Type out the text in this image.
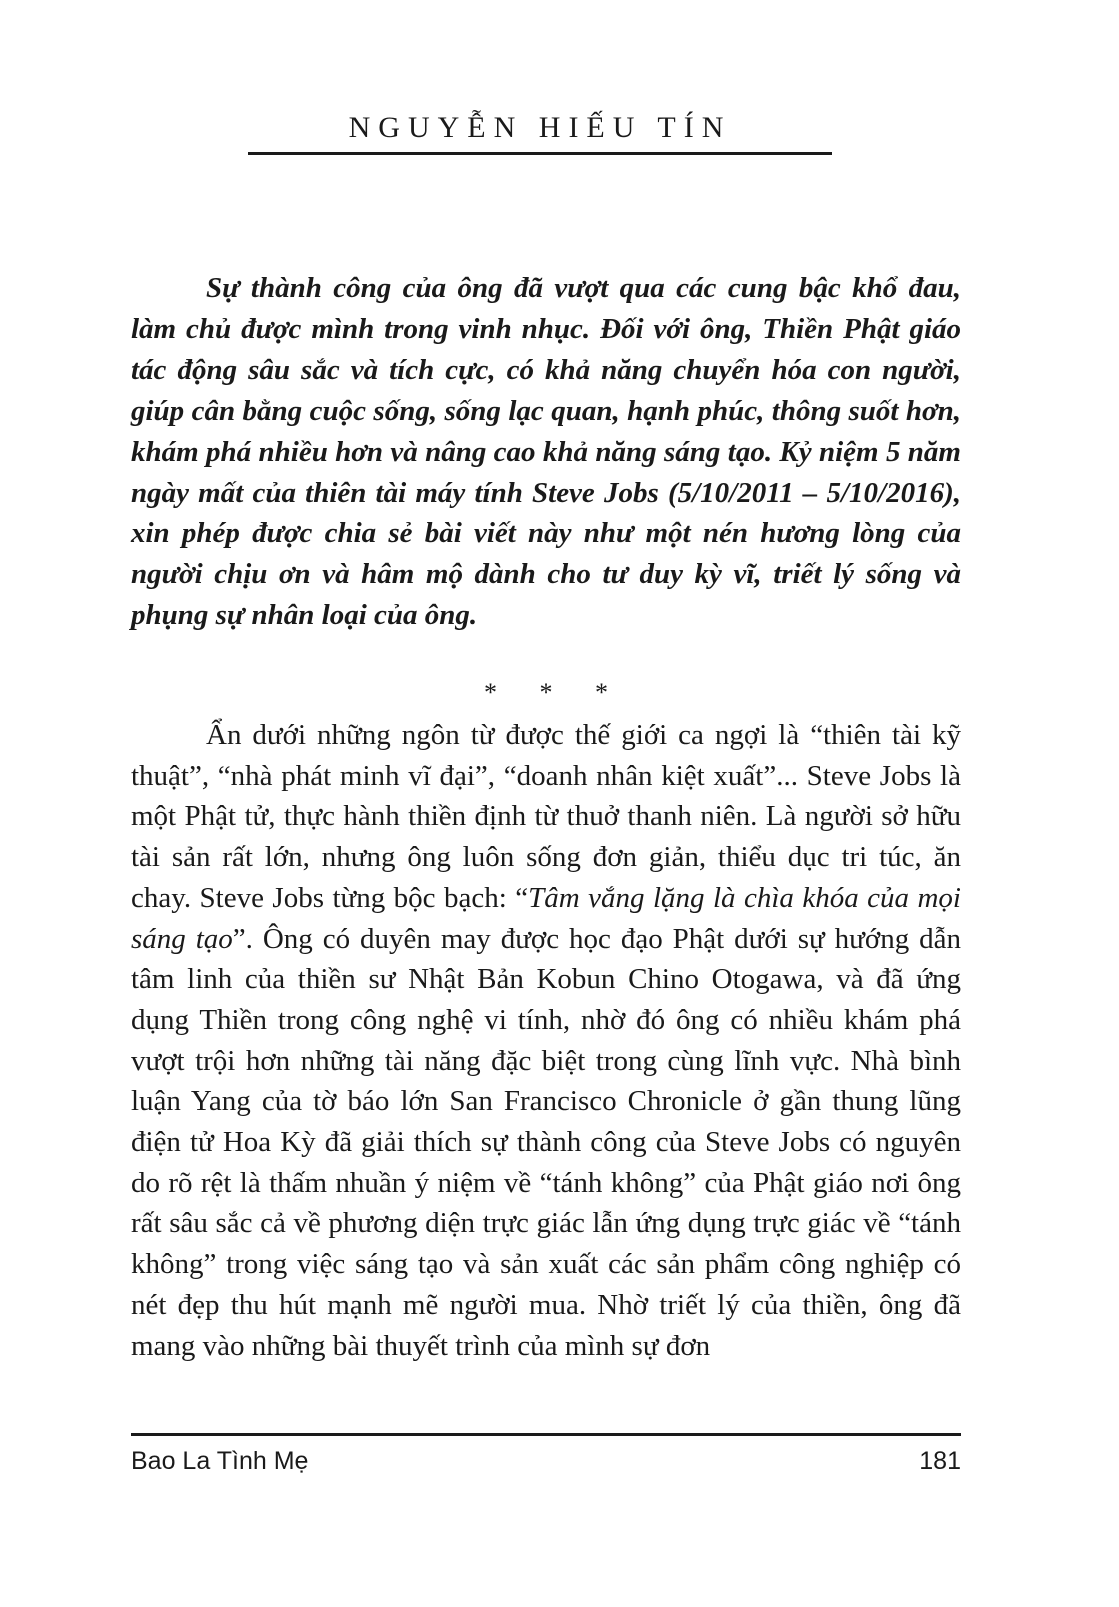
NGUYỄN HIẾU TÍN

Sự thành công của ông đã vượt qua các cung bậc khổ đau, làm chủ được mình trong vinh nhục. Đối với ông, Thiền Phật giáo tác động sâu sắc và tích cực, có khả năng chuyển hóa con người, giúp cân bằng cuộc sống, sống lạc quan, hạnh phúc, thông suốt hơn, khám phá nhiều hơn và nâng cao khả năng sáng tạo. Kỷ niệm 5 năm ngày mất của thiên tài máy tính Steve Jobs (5/10/2011 – 5/10/2016), xin phép được chia sẻ bài viết này như một nén hương lòng của người chịu ơn và hâm mộ dành cho tư duy kỳ vĩ, triết lý sống và phụng sự nhân loại của ông.

* * *

Ẩn dưới những ngôn từ được thế giới ca ngợi là “thiên tài kỹ thuật”, “nhà phát minh vĩ đại”, “doanh nhân kiệt xuất”... Steve Jobs là một Phật tử, thực hành thiền định từ thuở thanh niên. Là người sở hữu tài sản rất lớn, nhưng ông luôn sống đơn giản, thiểu dục tri túc, ăn chay. Steve Jobs từng bộc bạch: “Tâm vắng lặng là chìa khóa của mọi sáng tạo”. Ông có duyên may được học đạo Phật dưới sự hướng dẫn tâm linh của thiền sư Nhật Bản Kobun Chino Otogawa, và đã ứng dụng Thiền trong công nghệ vi tính, nhờ đó ông có nhiều khám phá vượt trội hơn những tài năng đặc biệt trong cùng lĩnh vực. Nhà bình luận Yang của tờ báo lớn San Francisco Chronicle ở gần thung lũng điện tử Hoa Kỳ đã giải thích sự thành công của Steve Jobs có nguyên do rõ rệt là thấm nhuần ý niệm về “tánh không” của Phật giáo nơi ông rất sâu sắc cả về phương diện trực giác lẫn ứng dụng trực giác về “tánh không” trong việc sáng tạo và sản xuất các sản phẩm công nghiệp có nét đẹp thu hút mạnh mẽ người mua. Nhờ triết lý của thiền, ông đã mang vào những bài thuyết trình của mình sự đơn

Bao La Tình Mẹ	181
